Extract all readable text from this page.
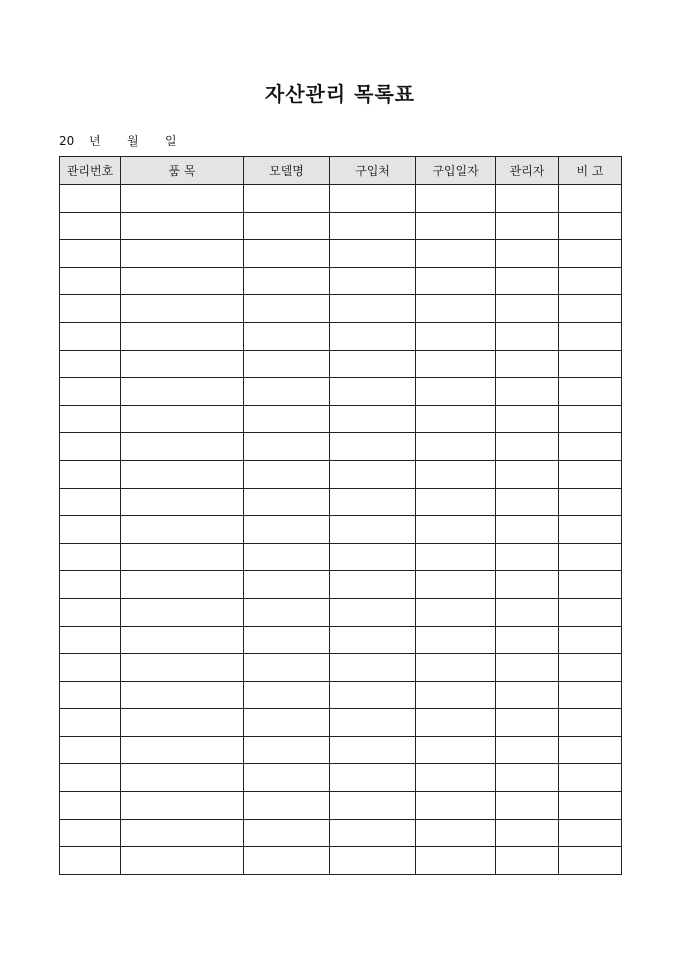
자산관리 목록표
20 년 월 일
관리번호	품 목	모델명	구입처	구입일자	관리자	비 고
